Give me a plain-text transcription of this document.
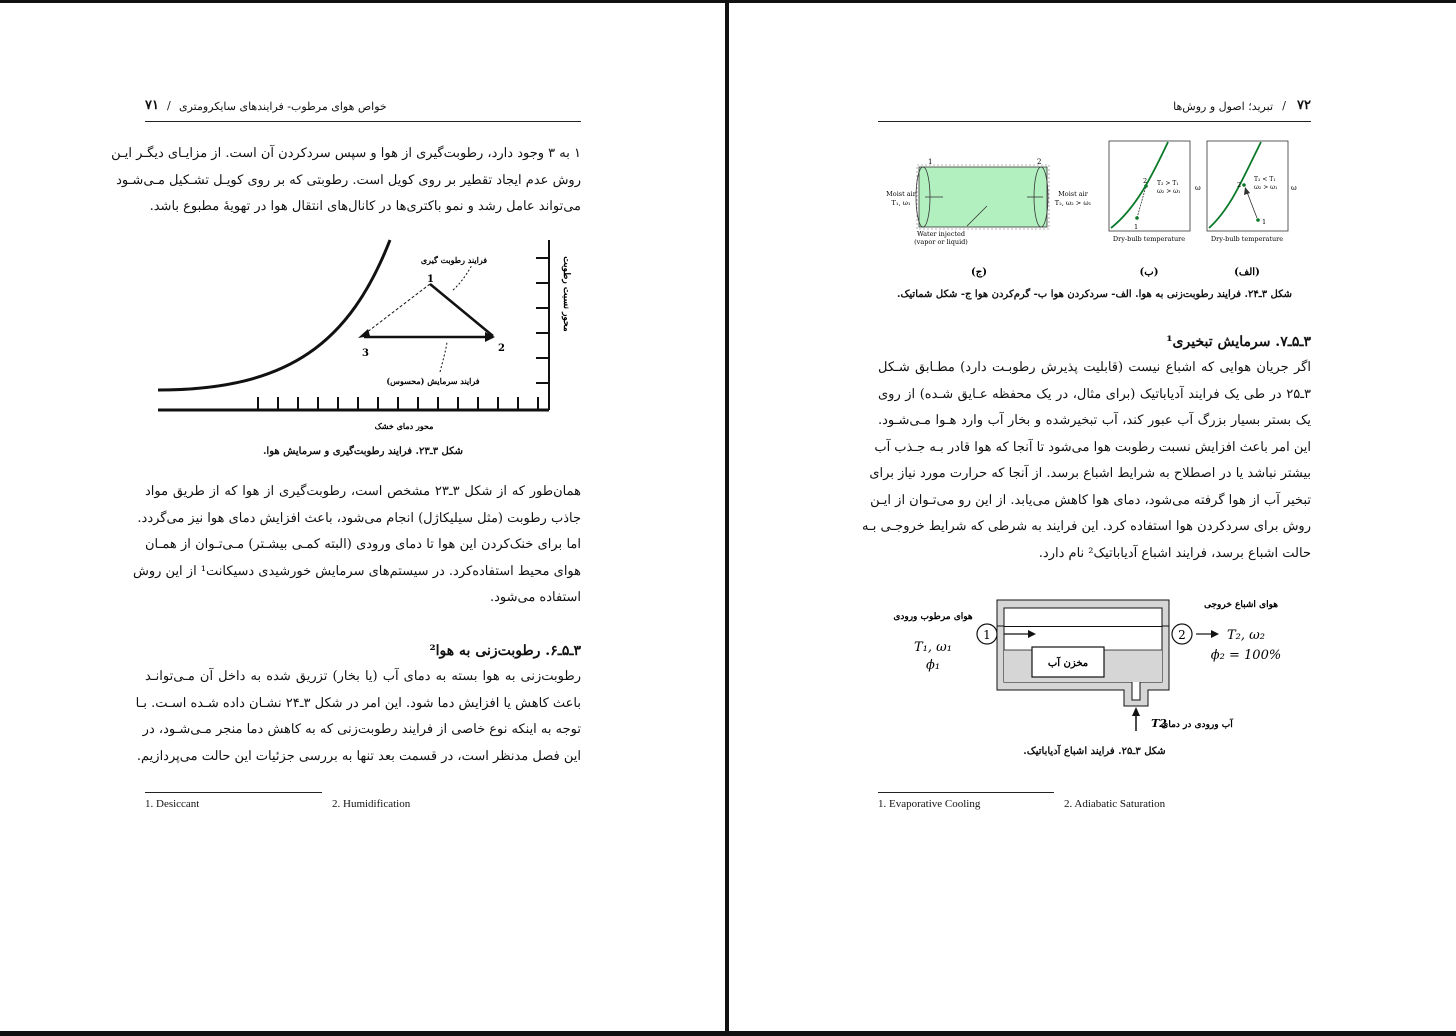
۷۱ / خواص هوای مرطوب- فرایندهای سایکرومتری
۱ به ۳ وجود دارد، رطوبت‌گیری از هوا و سپس سردکردن آن است. از مزایـای دیگـر ایـن
روش عدم ایجاد تقطیر بر روی کویل است. رطوبتی که بر روی کویـل تشـکیل مـی‌شـود
می‌تواند عامل رشد و نمو باکتری‌ها در کانال‌های انتقال هوا در تهویهٔ مطبوع باشد.
1
2
3
فرایند رطوبت گیری
فرایند سرمایش (محسوس)
محور دمای خشک
محور نسبت رطوبت
شکل ۳ـ۲۳. فرایند رطوبت‌گیری و سرمایش هوا.
همان‌طور که از شکل ۳ـ۲۳ مشخص است، رطوبت‌گیری از هوا که از طریق مواد
جاذب رطوبت (مثل سیلیکاژل) انجام می‌شود، باعث افزایش دمای هوا نیز می‌گردد.
اما برای خنک‌کردن این هوا تا دمای ورودی (البته کمـی بیشـتر) مـی‌تـوان از همـان
هوای محیط استفاده‌کرد. در سیستم‌های سرمایش خورشیدی دسیکانت¹ از این روش
استفاده می‌شود.
۳ـ۵ـ۶. رطوبت‌زنی به هوا²
رطوبت‌زنی به هوا بسته به دمای آب (یا بخار) تزریق شده به داخل آن مـی‌توانـد
باعث کاهش یا افزایش دما شود. این امر در شکل ۳ـ۲۴ نشـان داده شـده اسـت. بـا
توجه به اینکه نوع خاصی از فرایند رطوبت‌زنی که به کاهش دما منجر مـی‌شـود، در
این فصل مدنظر است، در قسمت بعد تنها به بررسی جزئیات این حالت می‌پردازیم.
1. Desiccant	2. Humidification
تبرید؛ اصول و روش‌ها / ۷۲
1	2
Moist air
T₁, ω₁
Moist air
T₂, ω₂ > ω₁
Water injected
(vapor or liquid)
1
2 T₂ > T₁
ω₂ > ω₁ ω
Dry-bulb temperature
1
2
T₂ < T₁
ω₂ > ω₁ ω
Dry-bulb temperature
(ج)	(ب)	(الف)
شکل ۳ـ۲۴. فرایند رطوبت‌زنی به هوا. الف- سردکردن هوا ب- گرم‌کردن هوا ج- شکل شماتیک.
۳ـ۵ـ۷. سرمایش تبخیری¹
اگر جریان هوایی که اشباع نیست (قابلیت پذیرش رطوبـت دارد) مطـابق شـکل
۳ـ۲۵ در طی یک فرایند آدیاباتیک (برای مثال، در یک محفظه عـایق شـده) از روی
یک بستر بسیار بزرگ آب عبور کند، آب تبخیرشده و بخار آب وارد هـوا مـی‌شـود.
این امر باعث افزایش نسبت رطوبت هوا می‌شود تا آنجا که هوا قادر بـه جـذب آب
بیشتر نباشد یا در اصطلاح به شرایط اشباع برسد. از آنجا که حرارت مورد نیاز برای
تبخیر آب از هوا گرفته می‌شود، دمای هوا کاهش می‌یابد. از این رو می‌تـوان از ایـن
روش برای سردکردن هوا استفاده کرد. این فرایند به شرطی که شرایط خروجـی بـه
حالت اشباع برسد، فرایند اشباع آدیاباتیک² نام دارد.
مخزن آب
1	2
هوای مرطوب ورودی
هوای اشباع خروجی
T₁, ω₁
ϕ₁
T₂, ω₂
ϕ₂ = 100%
آب ورودی در دمای
T2
شکل ۳ـ۲۵. فرایند اشباع آدیاباتیک.
1. Evaporative Cooling	2. Adiabatic Saturation
